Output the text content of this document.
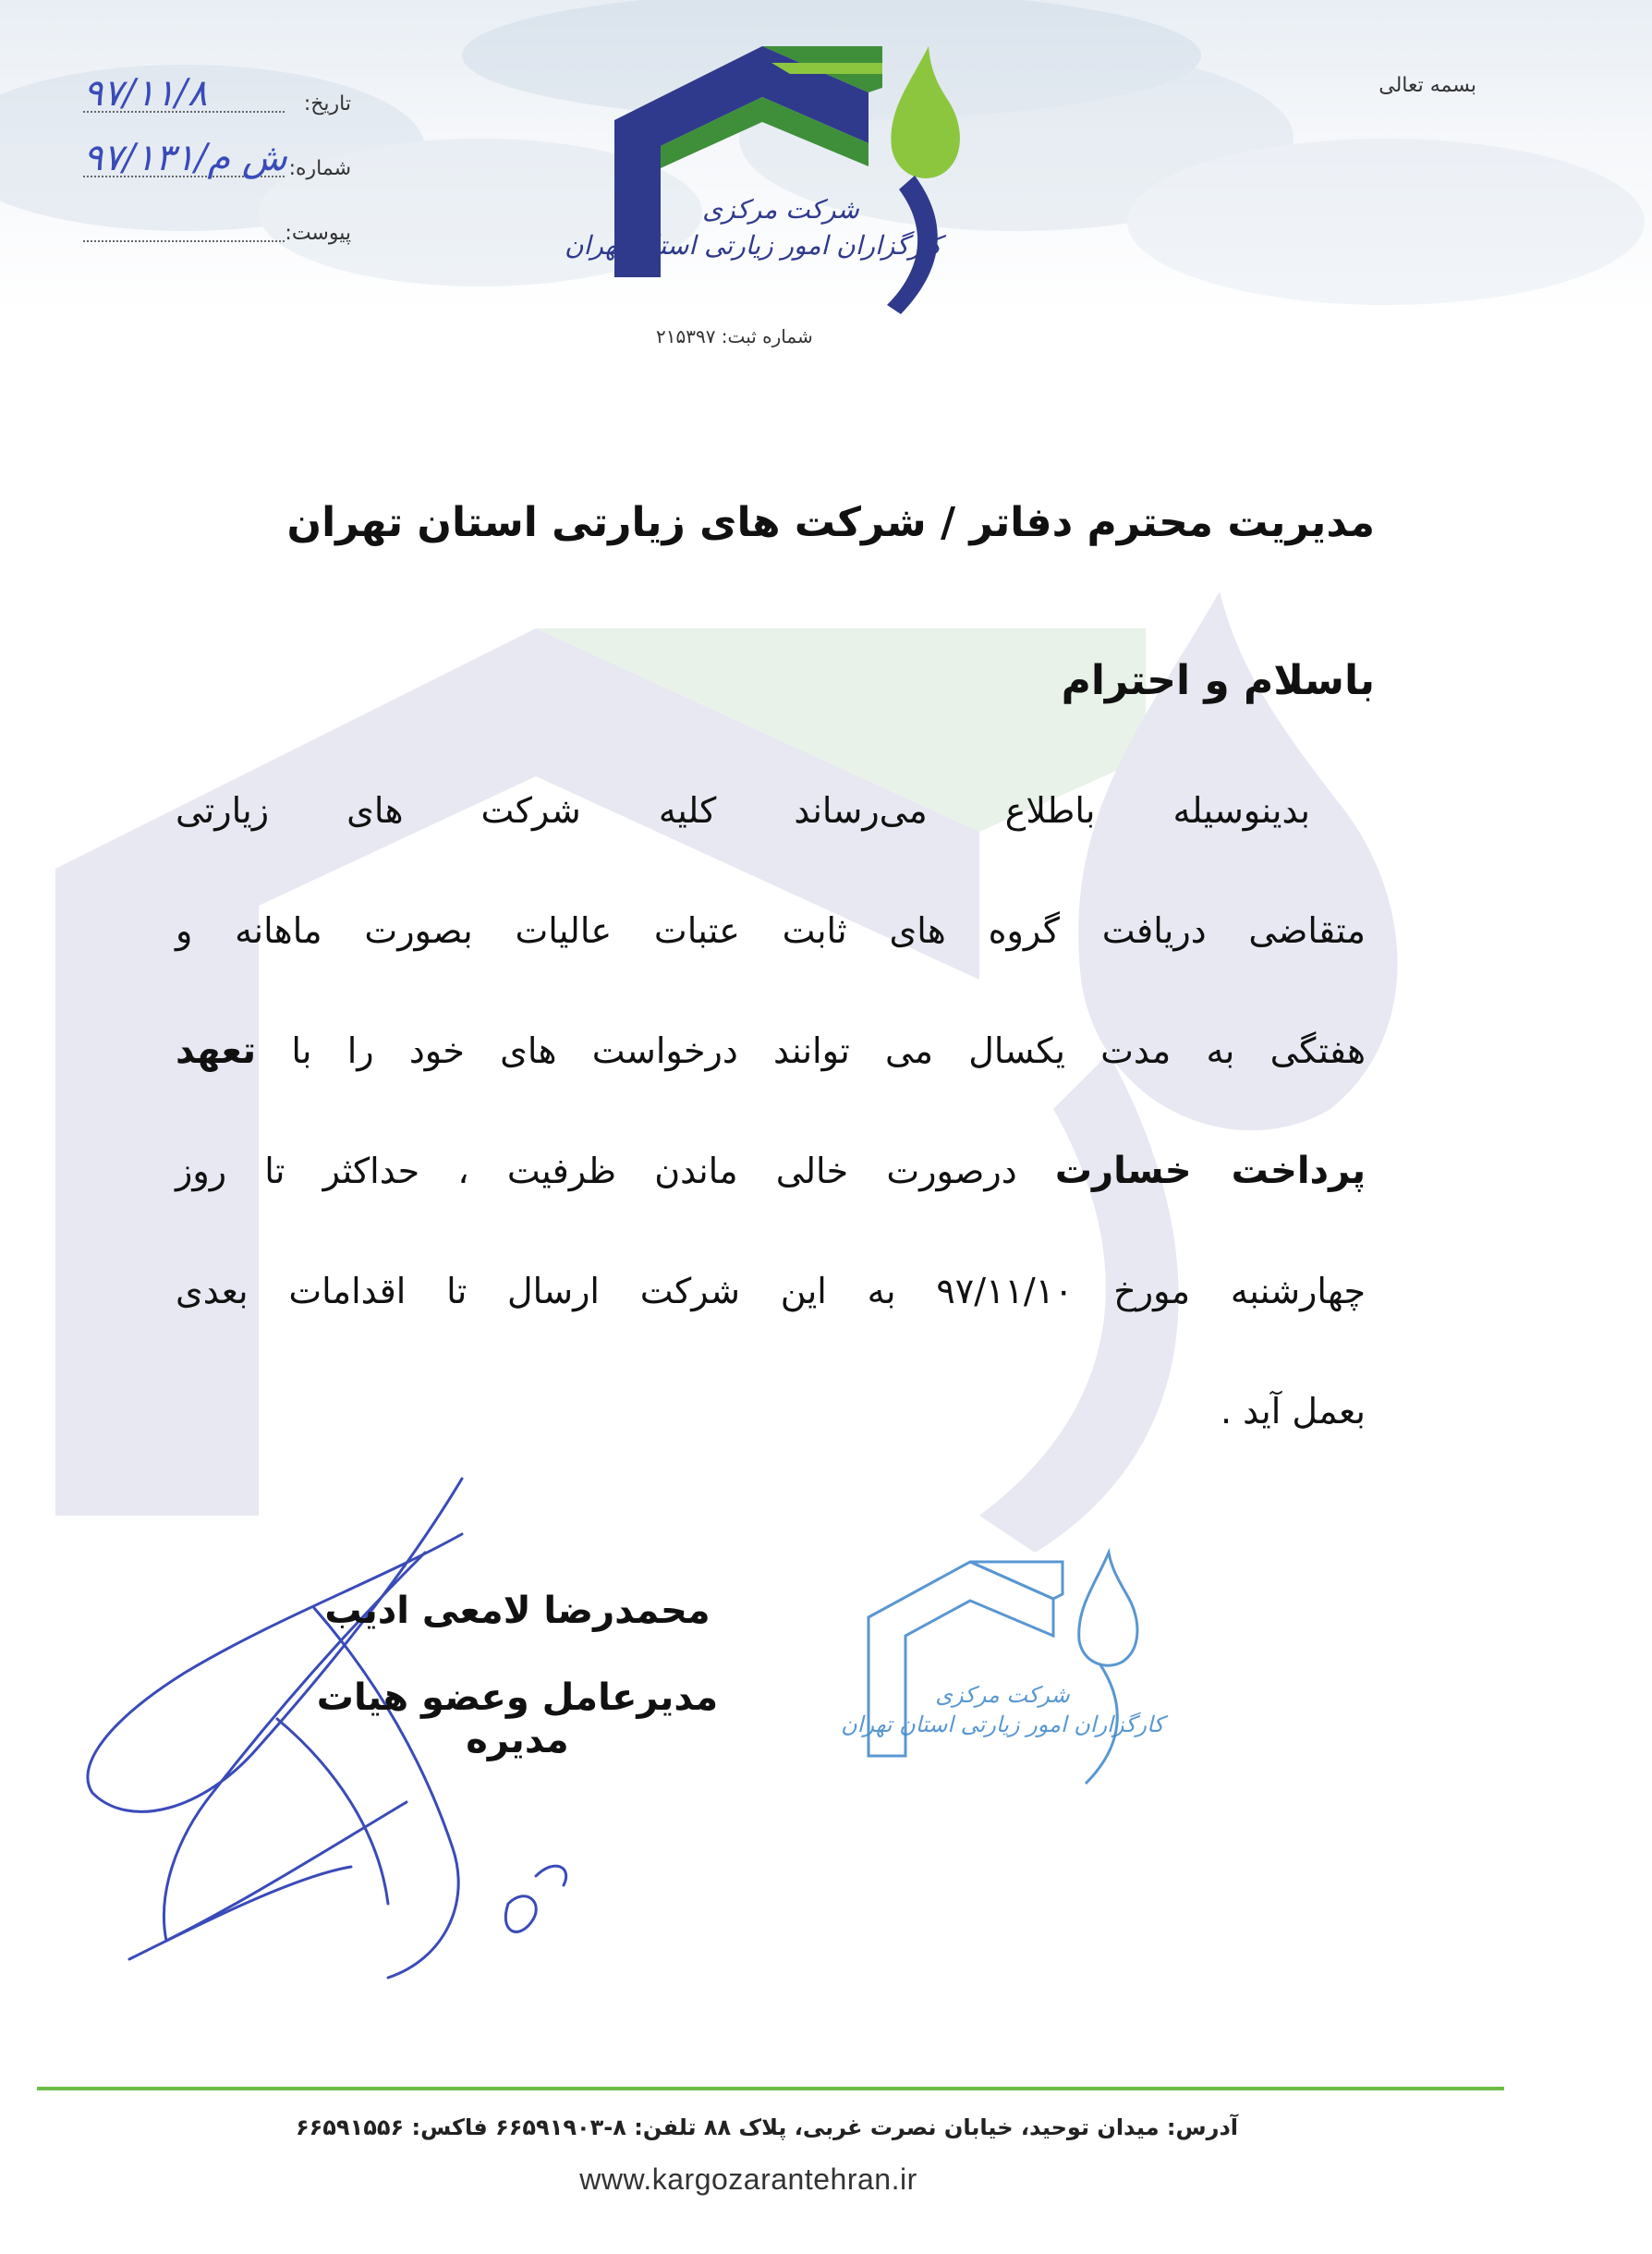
بسمه تعالی
تاریخ:
۹۷/۱۱/۸
شماره:
۹۷/۱۳۱/ش م
پیوست:
شرکت مرکزی
کارگزاران امور زیارتی استان تهران
شماره ثبت: ۲۱۵۳۹۷

مدیریت محترم دفاتر / شرکت های زیارتی استان تهران

باسلام و احترام

بدینوسیله باطلاع می‌رساند کلیه شرکت های زیارتی
متقاضی دریافت گروه های ثابت عتبات عالیات بصورت ماهانه و
هفتگی به مدت یکسال می توانند درخواست های خود را با تعهد
پرداخت خسارت درصورت خالی ماندن ظرفیت ، حداکثر تا روز
چهارشنبه مورخ ۹۷/۱۱/۱۰ به این شرکت ارسال تا اقدامات بعدی
بعمل آید .

محمدرضا لامعی ادیب

مدیرعامل وعضو هیات مدیره

شرکت مرکزی
کارگزاران امور زیارتی استان تهران
آدرس: میدان توحید، خیابان نصرت غربی، پلاک ۸۸ تلفن: ۸-۶۶۵۹۱۹۰۳ فاکس: ۶۶۵۹۱۵۵۶
www.kargozarantehran.ir
